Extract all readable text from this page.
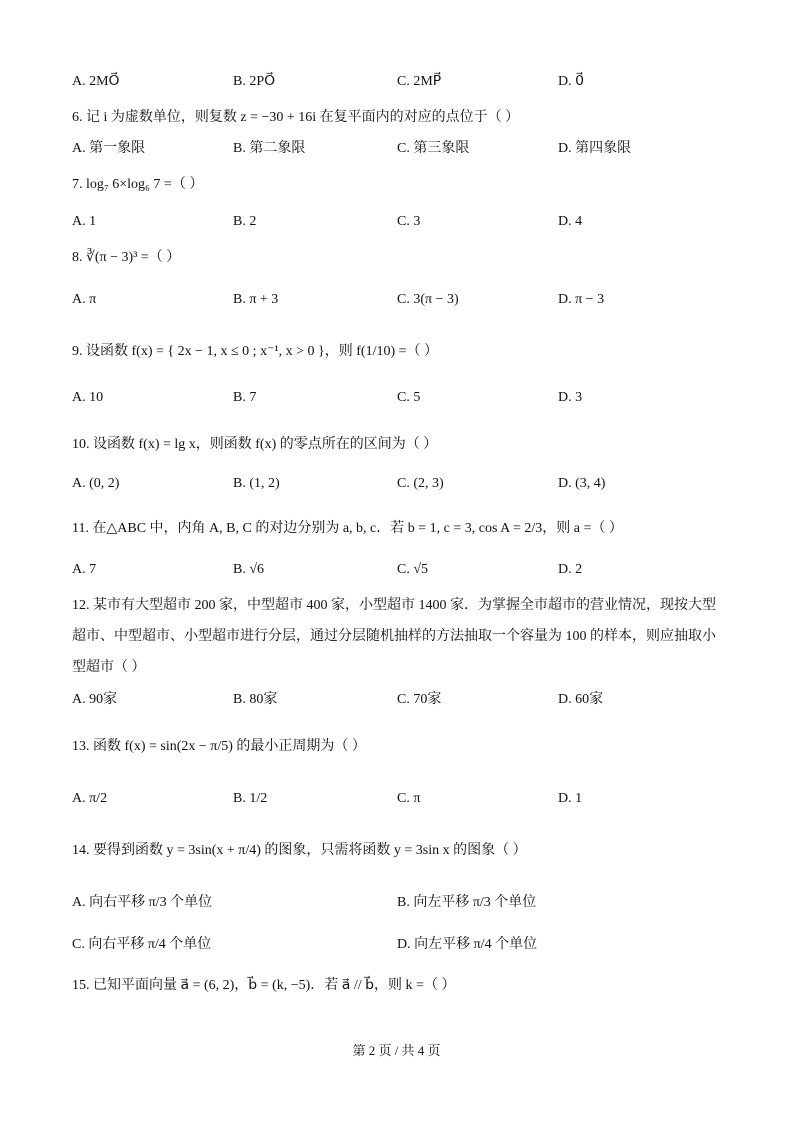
A. 2MO⃗	B. 2PO⃗	C. 2MP⃗	D. 0⃗
6. 记 i 为虚数单位，则复数 z = −30 + 16i 在复平面内的对应的点位于（ ）
A. 第一象限	B. 第二象限	C. 第三象限	D. 第四象限
7. log₇ 6×log₆ 7 =（ ）
A. 1	B. 2	C. 3	D. 4
8. ∛(π − 3)³ =（ ）
A. π	B. π + 3	C. 3(π − 3)	D. π − 3
9. 设函数 f(x) = { 2x − 1, x ≤ 0 ; x⁻¹, x > 0 }，则 f(1/10) =（ ）
A. 10	B. 7	C. 5	D. 3
10. 设函数 f(x) = lg x，则函数 f(x) 的零点所在的区间为（ ）
A. (0, 2)	B. (1, 2)	C. (2, 3)	D. (3, 4)
11. 在△ABC 中，内角 A, B, C 的对边分别为 a, b, c．若 b = 1, c = 3, cos A = 2/3，则 a =（ ）
A. 7	B. √6	C. √5	D. 2
12. 某市有大型超市 200 家，中型超市 400 家，小型超市 1400 家．为掌握全市超市的营业情况，现按大型
超市、中型超市、小型超市进行分层，通过分层随机抽样的方法抽取一个容量为 100 的样本，则应抽取小
型超市（ ）
A. 90家	B. 80家	C. 70家	D. 60家
13. 函数 f(x) = sin(2x − π/5) 的最小正周期为（ ）
A. π/2	B. 1/2	C. π	D. 1
14. 要得到函数 y = 3sin(x + π/4) 的图象，只需将函数 y = 3sin x 的图象（ ）
A. 向右平移 π/3 个单位	B. 向左平移 π/3 个单位
C. 向右平移 π/4 个单位	D. 向左平移 π/4 个单位
15. 已知平面向量 a⃗ = (6, 2)，b⃗ = (k, −5)．若 a⃗ // b⃗，则 k =（ ）
第 2 页 / 共 4 页
